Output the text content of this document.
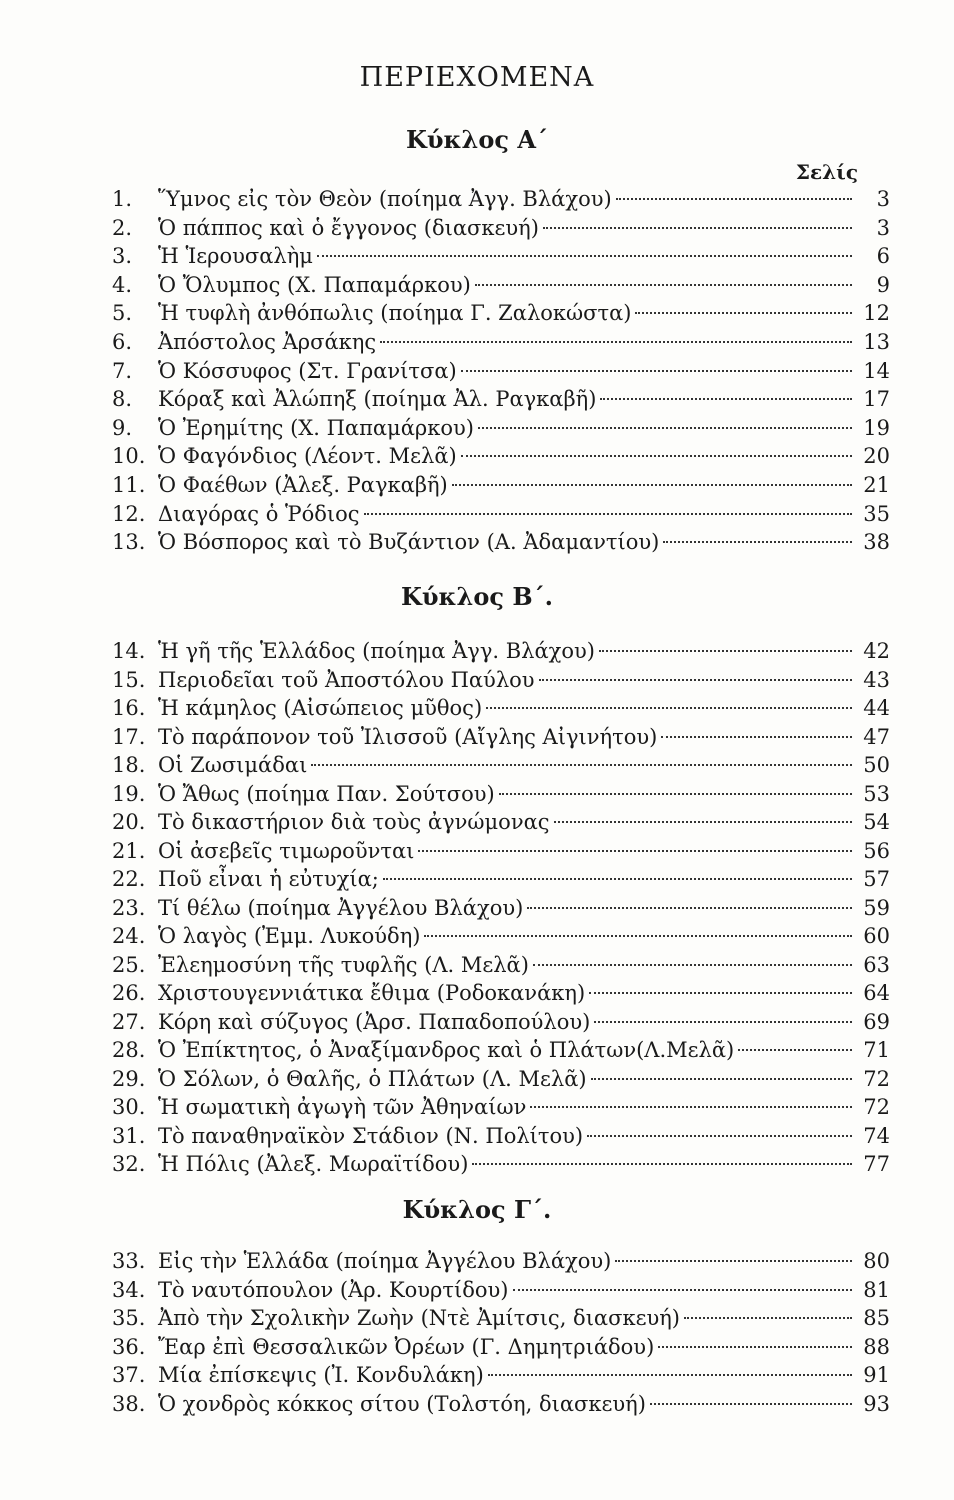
ΠΕΡΙΕΧΟΜΕΝΑ
Σελίς
Κύκλος Α΄
1.	Ὕμνος εἰς τὸν Θεὸν (ποίημα Ἀγγ. Βλάχου)	3
2.	Ὁ πάππος καὶ ὁ ἔγγονος (διασκευή)	3
3.	Ἡ Ἱερουσαλὴμ	6
4.	Ὁ Ὄλυμπος (Χ. Παπαμάρκου)	9
5.	Ἡ τυφλὴ ἀνθόπωλις (ποίημα Γ. Ζαλοκώστα)	12
6.	Ἀπόστολος Ἀρσάκης	13
7.	Ὁ Κόσσυφος (Στ. Γρανίτσα)	14
8.	Κόραξ καὶ Ἀλώπηξ (ποίημα Ἀλ. Ραγκαβῆ)	17
9.	Ὁ Ἐρημίτης (Χ. Παπαμάρκου)	19
10. Ὁ Φαγόνδιος (Λέοντ. Μελᾶ)	20
11. Ὁ Φαέθων (Ἀλεξ. Ραγκαβῆ)	21
12. Διαγόρας ὁ Ῥόδιος	35
13. Ὁ Βόσπορος καὶ τὸ Βυζάντιον (Α. Ἀδαμαντίου)	38
Κύκλος Β΄.
14. Ἡ γῆ τῆς Ἑλλάδος (ποίημα Ἀγγ. Βλάχου)	42
15. Περιοδεῖαι τοῦ Ἀποστόλου Παύλου	43
16. Ἡ κάμηλος (Αἰσώπειος μῦθος)	44
17. Τὸ παράπονον τοῦ Ἰλισσοῦ (Αἴγλης Αἰγινήτου)	47
18. Οἱ Ζωσιμάδαι	50
19. Ὁ Ἄθως (ποίημα Παν. Σούτσου)	53
20. Τὸ δικαστήριον διὰ τοὺς ἀγνώμονας	54
21. Οἱ ἀσεβεῖς τιμωροῦνται	56
22. Ποῦ εἶναι ἡ εὐτυχία;	57
23. Τί θέλω (ποίημα Ἀγγέλου Βλάχου)	59
24. Ὁ λαγὸς (Ἐμμ. Λυκούδη)	60
25. Ἐλεημοσύνη τῆς τυφλῆς (Λ. Μελᾶ)	63
26. Χριστουγεννιάτικα ἔθιμα (Ροδοκανάκη)	64
27. Κόρη καὶ σύζυγος (Ἀρσ. Παπαδοπούλου)	69
28. Ὁ Ἐπίκτητος, ὁ Ἀναξίμανδρος καὶ ὁ Πλάτων(Λ.Μελᾶ)	71
29. Ὁ Σόλων, ὁ Θαλῆς, ὁ Πλάτων (Λ. Μελᾶ)	72
30. Ἡ σωματικὴ ἀγωγὴ τῶν Ἀθηναίων	72
31. Τὸ παναθηναϊκὸν Στάδιον (Ν. Πολίτου)	74
32. Ἡ Πόλις (Ἀλεξ. Μωραϊτίδου)	77
Κύκλος Γ΄.
33. Εἰς τὴν Ἑλλάδα (ποίημα Ἀγγέλου Βλάχου)	80
34. Τὸ ναυτόπουλον (Ἀρ. Κουρτίδου)	81
35. Ἀπὸ τὴν Σχολικὴν Ζωὴν (Ντὲ Ἀμίτσις, διασκευή)	85
36. Ἔαρ ἐπὶ Θεσσαλικῶν Ὀρέων (Γ. Δημητριάδου)	88
37. Μία ἐπίσκεψις (Ἰ. Κονδυλάκη)	91
38. Ὁ χονδρὸς κόκκος σίτου (Τολστόη, διασκευή)	93
